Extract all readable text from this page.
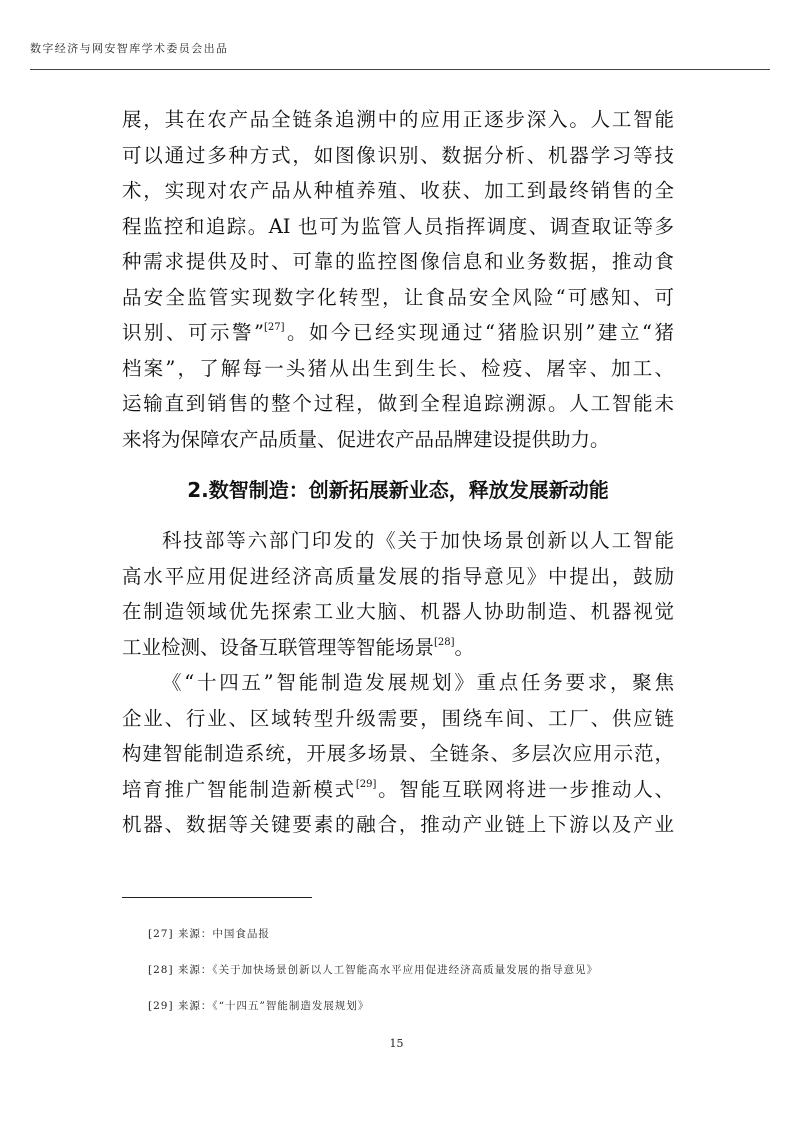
数字经济与网安智库学术委员会出品
展，其在农产品全链条追溯中的应用正逐步深入。人工智能
可以通过多种方式，如图像识别、数据分析、机器学习等技
术，实现对农产品从种植养殖、收获、加工到最终销售的全
程监控和追踪。AI 也可为监管人员指挥调度、调查取证等多
种需求提供及时、可靠的监控图像信息和业务数据，推动食
品安全监管实现数字化转型，让食品安全风险“可感知、可
识别、可示警”[27]。如今已经实现通过“猪脸识别”建立“猪
档案”，了解每一头猪从出生到生长、检疫、屠宰、加工、
运输直到销售的整个过程，做到全程追踪溯源。人工智能未
来将为保障农产品质量、促进农产品品牌建设提供助力。
2.数智制造：创新拓展新业态，释放发展新动能
科技部等六部门印发的《关于加快场景创新以人工智能
高水平应用促进经济高质量发展的指导意见》中提出，鼓励
在制造领域优先探索工业大脑、机器人协助制造、机器视觉
工业检测、设备互联管理等智能场景[28]。
《“十四五”智能制造发展规划》重点任务要求，聚焦
企业、行业、区域转型升级需要，围绕车间、工厂、供应链
构建智能制造系统，开展多场景、全链条、多层次应用示范，
培育推广智能制造新模式[29]。智能互联网将进一步推动人、
机器、数据等关键要素的融合，推动产业链上下游以及产业
[27] 来源：中国食品报
[28] 来源：《关于加快场景创新以人工智能高水平应用促进经济高质量发展的指导意见》
[29] 来源：《“十四五”智能制造发展规划》
15
